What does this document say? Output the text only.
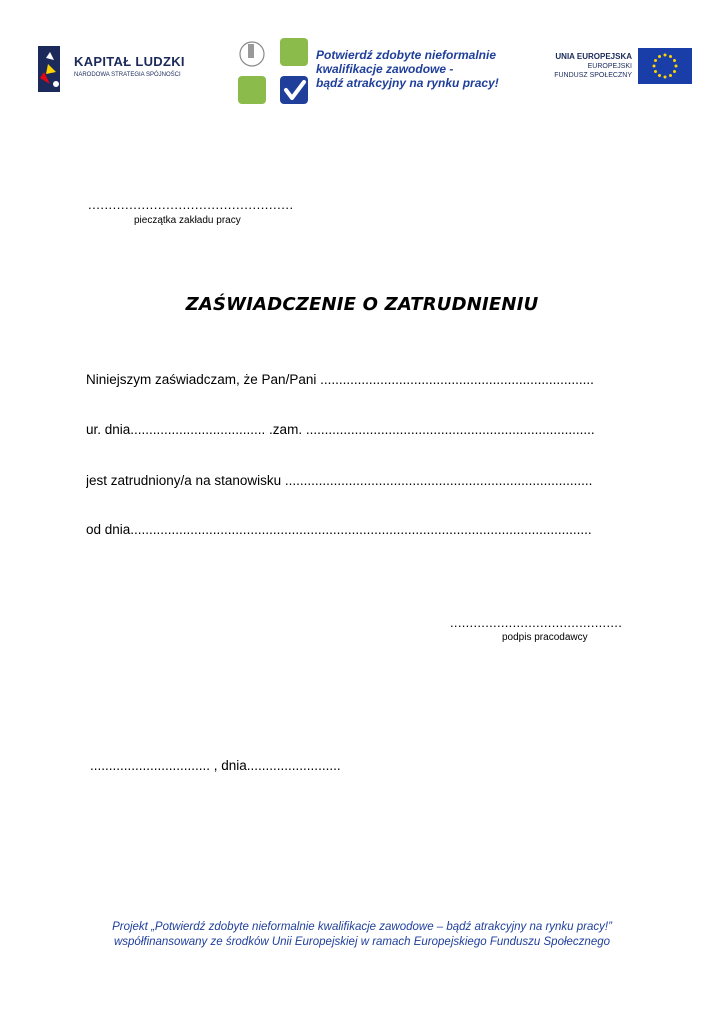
KAPITAŁ LUDZKI
NARODOWA STRATEGIA SPÓJNOŚCI
Potwierdź zdobyte nieformalnie
kwalifikacje zawodowe -
bądź atrakcyjny na rynku pracy!
UNIA EUROPEJSKA
EUROPEJSKI
FUNDUSZ SPOŁECZNY
..................................................
pieczątka zakładu pracy
ZAŚWIADCZENIE O ZATRUDNIENIU
Niniejszym zaświadczam, że Pan/Pani .........................................................................
ur. dnia.................................... .zam. .............................................................................
jest zatrudniony/a na stanowisku ..................................................................................
od dnia...........................................................................................................................
............................................
podpis pracodawcy
................................ , dnia.........................
Projekt „Potwierdź zdobyte nieformalnie kwalifikacje zawodowe – bądź atrakcyjny na rynku pracy!”
współfinansowany ze środków Unii Europejskiej w ramach Europejskiego Funduszu Społecznego
